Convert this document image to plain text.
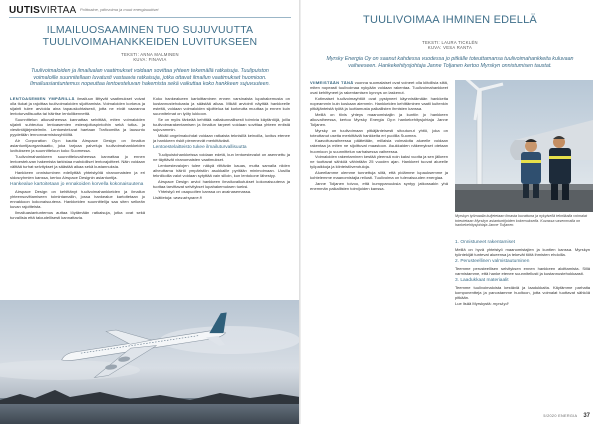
UUTIS VIRTAA Polttoaine, ydinvoima ja muut energiauutiset
ILMAILUOSAAMINEN TUO SUJUVUUTTA TUULIVOIMAHANKKEIDEN LUVITUKSEEN
TEKSTI: ANNA MALMINEN
KUVA: FINAVIA

Tuulivoimaloiden ja ilmailualan vaatimukset voidaan sovittaa yhteen tekemällä ratkaisuja. Tuulipuiston voimaloille suunnitellaan luvatusti vastaavia ratkaisuja, jotka ottavat ilmailun vaatimukset huomioon. Ilmailuasiantuntemus nopeuttaa lentoesteluvan hakemista sekä vaikuttaa koko hankkeen sujuvuuteen.

LENTOASEMIEN YMPÄRILLÄ ilmailuun liittyvät vaatimukset voivat olla tiukat ja rajoittaa tuulivoimaloiden sijoittamista. Voimaloiden korkeus ja sijainti tulee arvioida aina tapauskohtaisesti, jotta ne eivät vaaranna lentoturvallisuutta tai häiritse lentoliikennettä.

Suunnittelun alkuvaiheessa kannattaa selvittää, miten voimaloiden sijainti suhteutuu lentoasemien esterajoituspintoihin sekä tutka- ja viestintäjärjestelmiin. Lentoesteluvat haetaan Traficomilta ja lausunto pyydetään lennonvarmistusyhtiöltä.

Air Corporation Oy:n kautta Airspace Design on ilmailun asiantuntijaorganisaatio, joka tarjoaa palveluja tuulivoimahankkeiden luvitukseen ja suunnitteluun koko Suomessa.

Tuulivoimahankkeen suunnitteluvaiheessa kannattaa jo ennen lentoesteluvan hakemista tarkistaa mahdolliset lentorajoitteet. Näin voidaan välttää turhat selvitykset ja säästää aikaa sekä kustannuksia.

Hankkeen onnistuminen edellyttää yhteistyötä viranomaisten ja eri sidosryhmien kanssa, kertoo Airspace Designin asiantuntija.

Hankealue kartoitetaan jo ennakoiden korvella kokonaisuutena

Airspace Design on kehittänyt tuulivoimahankkeiden ja ilmailun yhteensovittamiseen toimintamallin, jossa hankealue kartoitetaan jo ennakkoon kokonaisuutena. Hankkeiden suunnittelija saa siten selkeän kuvan rajoitteista.

Ilmailuasiantuntemus auttaa löytämään ratkaisuja, jotka ovat sekä turvallisia että taloudellisesti kannattavia.

Koko hankealueen kartoittaminen ennen varsinaista lupahakemusta on kustannustehokasta ja säästää aikaa. Mikäli arviointi näyttää hankkeelle esteitä, voidaan voimaloiden sijoittelua tai korkeutta muuttaa jo ennen kuin suunnitelmat on lyöty lukkoon.

Se on myös tärkeää kehittää valtakunnallisesti toimivia käytäntöjä, joilla tuulivoimarakentamisen ja ilmailun tarpeet voidaan sovittaa yhteen entistä sujuvammin.

Mikäli ongelmakohdat voidaan ratkaista teknisillä keinoilla, luvitus etenee ja hankkeen riskit pienenevät merkittävästi.

Lentoestelaitteisto tukee ilmailuturvallisuutta

Tuulipuistohankkeissa voidaan edetä, kun lentoestevalot on asennettu ja ne täyttävät viranomaisten vaatimukset.

Lentoestevalojen tulee näkyä riittävän kauas, mutta samalla niiden aiheuttama häiriö ympäristön asukkaille pyritään minimoimaan. Uusilla tekniikoilla valot voidaan sytyttää vain silloin, kun lentokone lähestyy.

Airspace Design arvioi hankkeen ilmailuvaikutukset kokonaisuutena ja tuottaa tarvittavat selvitykset lupahakemuksen tueksi.

Yhteistyö eri osapuolten kanssa on avainasemassa.

Lisätietoja: www.airspace.fi

TUULIVOIMAA IHMINEN EDELLÄ
TEKSTI: LAURA TICKLÉN
KUVA: VESA RANTA

Myrsky Energia Oy on saanut kahdessa vuodessa jo pitkälle toteuttamansa tuulivoimahankkeita kuluvaan vaiheeseen. Hankekehitysjohtaja Janne Toljanen kertoo Myrskyn onnistumisen taustat.

VIIMEISTÄÄN TÄNÄ vuonna suomalaiset ovat voineet olla kiitollisia siitä, miten nopeasti tuulivoimaa nykyään voidaan rakentaa. Tuulivoimahankkeet ovat kehittyneet ja rakentamisen kynnys on laskenut.

Kotimaiset tuulivoimayhtiöt ovat pystyneet käynnistämään hankkeita nopeammin kuin koskaan aiemmin. Hankkeiden kehittäminen vaatii kuitenkin pitkäjänteistä työtä ja luottamusta paikallisten ihmisten kanssa.

Meillä on tiivis yhteys maanomistajiin ja kuntiin jo hankkeen alkuvaiheessa, kertoo Myrsky Energia Oy:n hankekehitysjohtaja Janne Toljanen.

Myrsky on tuulivoimaan pitkäjänteisesti sitoutunut yhtiö, joka on toteuttanut useita merkittäviä hankkeita eri puolilla Suomea.

Kaavoitusvaiheessa päätetään, millaisia voimaloita alueelle voidaan rakentaa ja miten ne sijoittuvat maastoon. Asukkaiden näkemykset otetaan huomioon jo suunnittelun varhaisessa vaiheessa.

Voimaloiden rakentaminen kestää yleensä noin kaksi vuotta ja sen jälkeen ne tuottavat sähköä vähintään 25 vuoden ajan. Hankkeet tuovat alueelle työpaikkoja ja kiinteistöverotuloja.

Alueellamme olemme tunnettuja siitä, että pidämme lupauksemme ja kohtelemme maanomistajia reilusti. Tuulivoima on tulevaisuuden energiaa.

Janne Toljanen toivoo, että kumppanuuksia syntyy jatkossakin yhä enemmän paikallisten toimijoiden kanssa.

Myrskyn työmaalla kuljetetaan ilmasta kuvattuna ja nykyisellä tekniikalla voimalat toteutetaan Myrskyn asiantuntijoiden kokemuksella. Kuvassa vasemmalla on hankekehitysjohtaja Janne Toljanen.

1. Onnistuneet rakentamiset

Meillä on hyvä yhteistyö maanomistajien ja kuntien kanssa. Myrskyn työntekijät tuntevat alueensa ja tekevät töitä ihmisten ehdoilla.

2. Perusteellinen valmistautuminen

Teemme perusteellisen selvityksen ennen hankkeen aloittamista. Sillä varmistamme, että hanke etenee suunnitellusti ja kustannustehokkaasti.

3. Laadukkaat materiaalit

Teemme tuulivoimaloista kestäviä ja laadukkaita. Käytämme parhaita komponentteja ja panostamme huoltoon, jotta voimalat tuottavat sähköä pitkään.

Lue lisää Myrskystä: myrsky.fi

5/2020 ENERGIA 37
